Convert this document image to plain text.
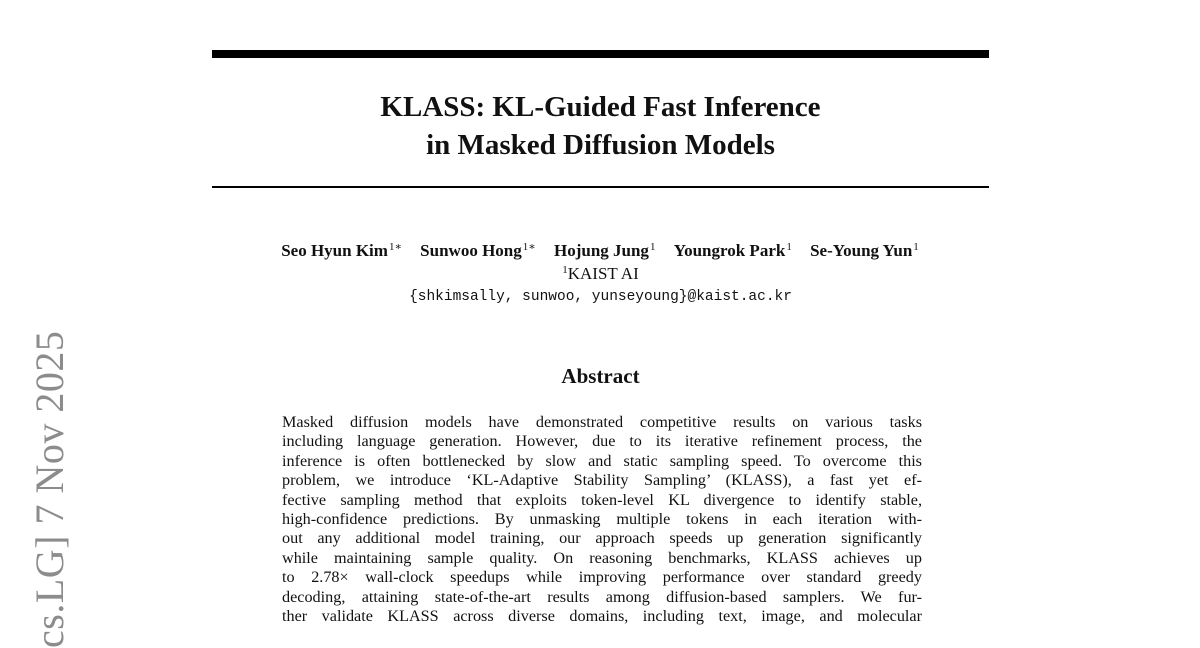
cs.LG] 7 Nov 2025
KLASS: KL-Guided Fast Inference
in Masked Diffusion Models
Seo Hyun Kim$^{1∗}$ Sunwoo Hong$^{1∗}$ Hojung Jung$^1$ Youngrok Park$^1$ Se-Young Yun$^1$
$^1$KAIST AI
{shkimsally, sunwoo, yunseyoung}@kaist.ac.kr
Abstract
Masked diffusion models have demonstrated competitive results on various tasks
including language generation. However, due to its iterative refinement process, the
inference is often bottlenecked by slow and static sampling speed. To overcome this
problem, we introduce ‘KL-Adaptive Stability Sampling’ (KLASS), a fast yet ef-
fective sampling method that exploits token-level KL divergence to identify stable,
high-confidence predictions. By unmasking multiple tokens in each iteration with-
out any additional model training, our approach speeds up generation significantly
while maintaining sample quality. On reasoning benchmarks, KLASS achieves up
to 2.78× wall-clock speedups while improving performance over standard greedy
decoding, attaining state-of-the-art results among diffusion-based samplers. We fur-
ther validate KLASS across diverse domains, including text, image, and molecular
